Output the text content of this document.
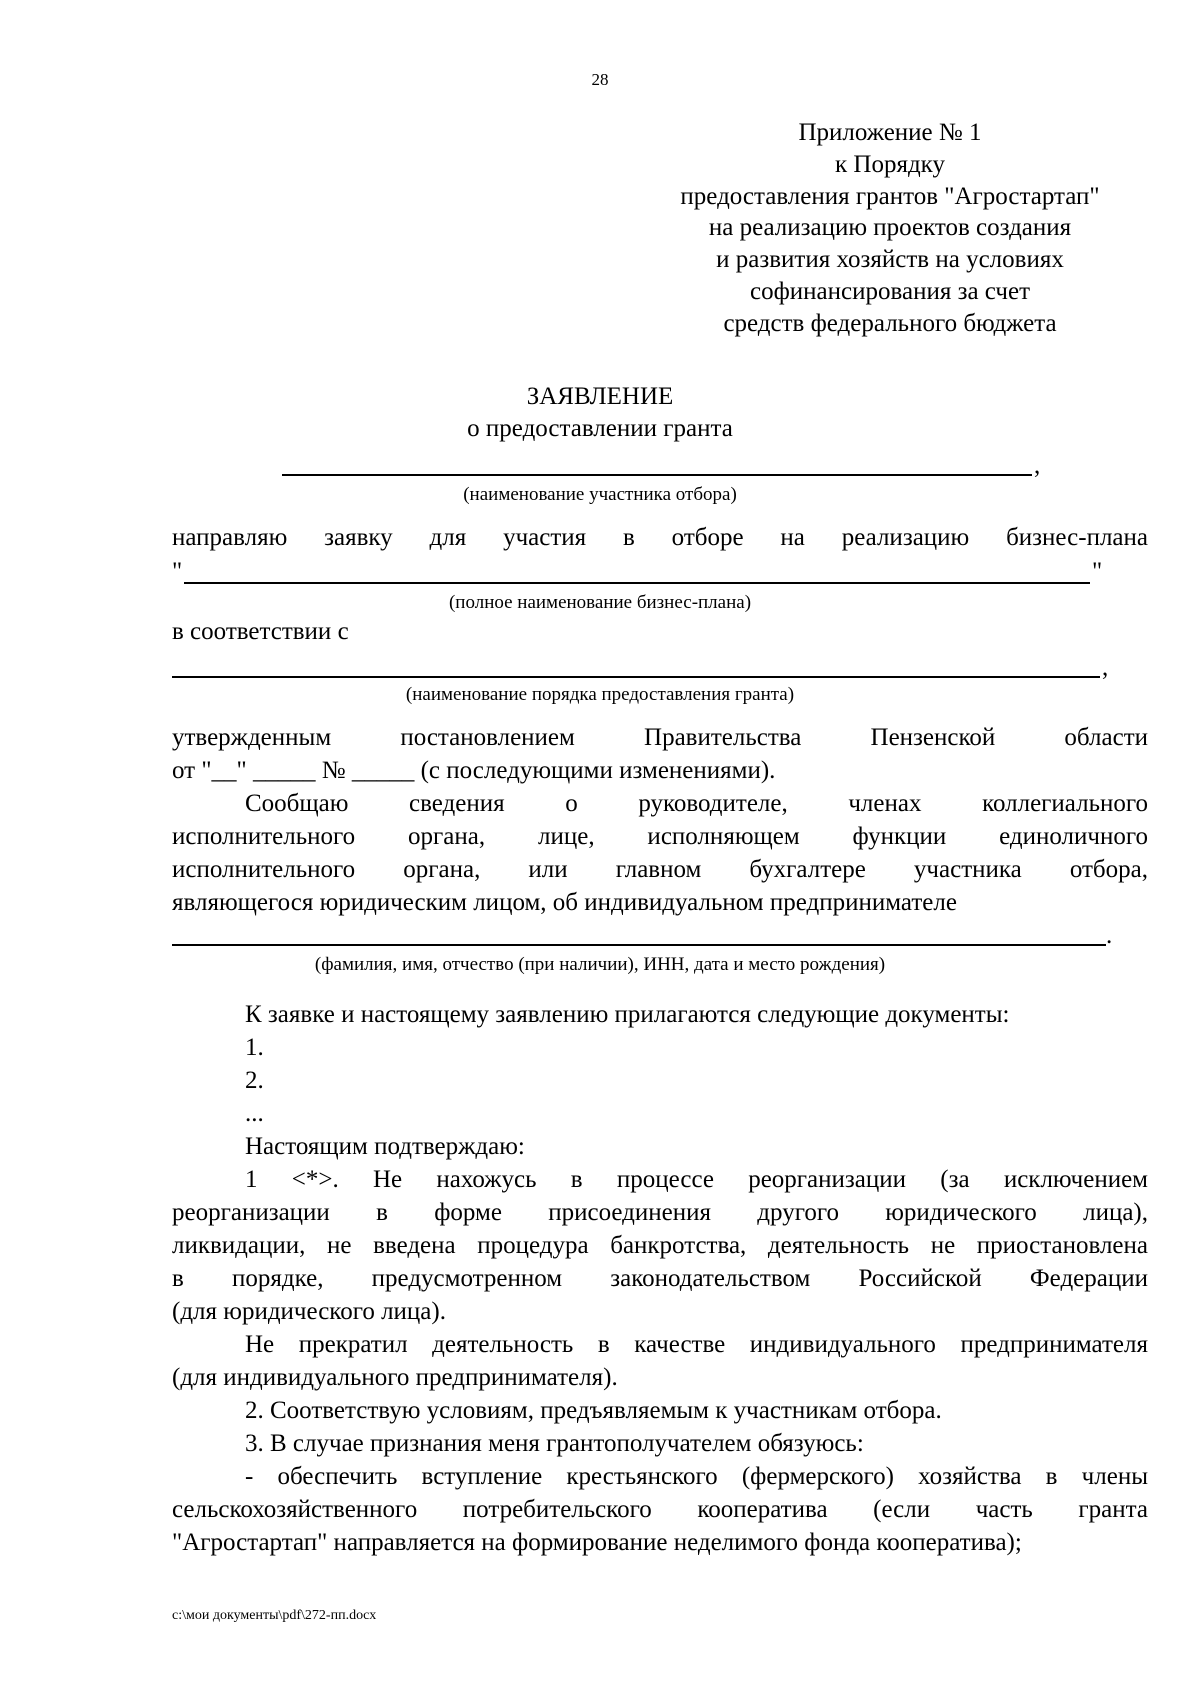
28
Приложение № 1
к Порядку
предоставления грантов "Агростартап"
на реализацию проектов создания
и развития хозяйств на условиях
софинансирования за счет
средств федерального бюджета
ЗАЯВЛЕНИЕ
о предоставлении гранта
,
(наименование участника отбора)
направляю заявку для участия в отборе на реализацию бизнес-плана
"	"
(полное наименование бизнес-плана)
в соответствии с
,
(наименование порядка предоставления гранта)
утвержденным постановлением Правительства Пензенской области
от "__" _____ № _____ (с последующими изменениями).
Сообщаю сведения о руководителе, членах коллегиального
исполнительного органа, лице, исполняющем функции единоличного
исполнительного органа, или главном бухгалтере участника отбора,
являющегося юридическим лицом, об индивидуальном предпринимателе
.
(фамилия, имя, отчество (при наличии), ИНН, дата и место рождения)
К заявке и настоящему заявлению прилагаются следующие документы:
1.
2.
...
Настоящим подтверждаю:
1 <*>. Не нахожусь в процессе реорганизации (за исключением
реорганизации в форме присоединения другого юридического лица),
ликвидации, не введена процедура банкротства, деятельность не приостановлена
в порядке, предусмотренном законодательством Российской Федерации
(для юридического лица).
Не прекратил деятельность в качестве индивидуального предпринимателя
(для индивидуального предпринимателя).
2. Соответствую условиям, предъявляемым к участникам отбора.
3. В случае признания меня грантополучателем обязуюсь:
- обеспечить вступление крестьянского (фермерского) хозяйства в члены
сельскохозяйственного потребительского кооператива (если часть гранта
"Агростартап" направляется на формирование неделимого фонда кооператива);
c:\мои документы\pdf\272-пп.docx
